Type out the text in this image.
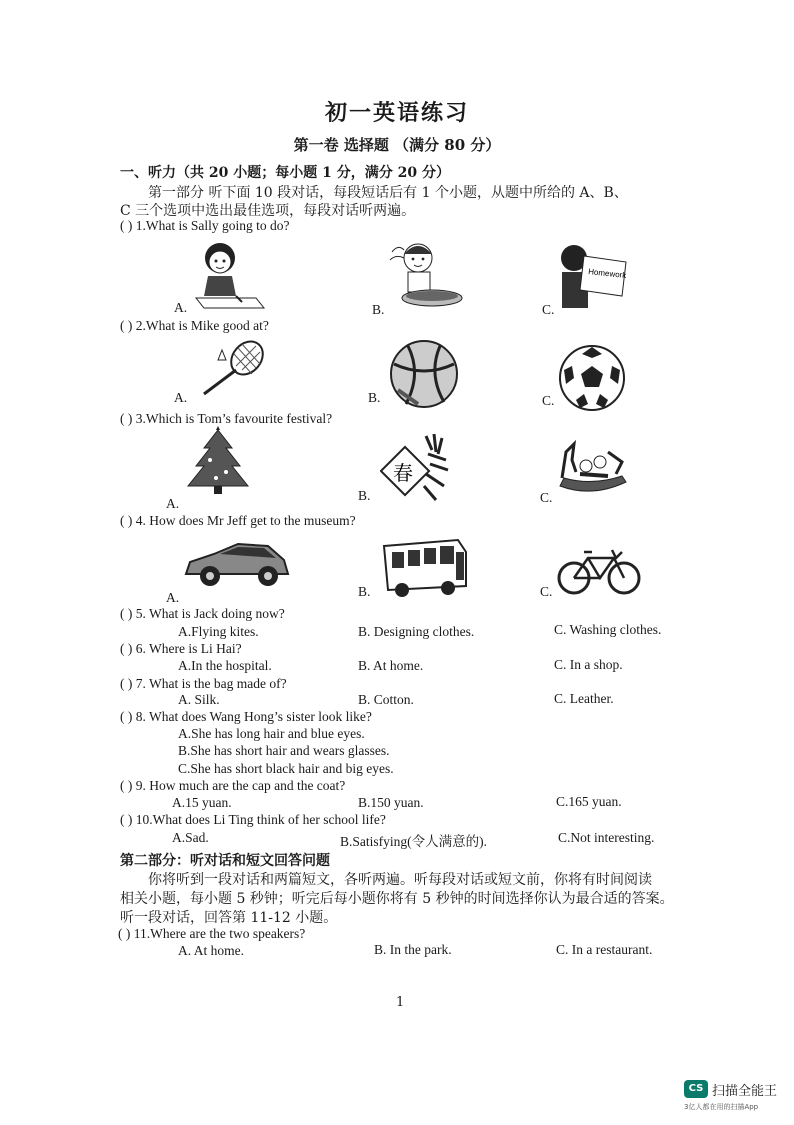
初一英语练习
第一卷 选择题 （满分 80 分）
一、听力（共 20 小题；每小题 1 分，满分 20 分）
第一部分 听下面 10 段对话，每段短话后有 1 个小题，从题中所给的 A、B、
C 三个选项中选出最佳选项，每段对话听两遍。
( ) 1.What is Sally going to do?
A.	B.	C.
Homework
( ) 2.What is Mike good at?
A.	B.	C.
( ) 3.Which is Tom’s favourite festival?
A.
B.	C.
春
( ) 4. How does Mr Jeff get to the museum?
A.	B.	C.
( ) 5. What is Jack doing now?
A.Flying kites.	B. Designing clothes.	C. Washing clothes.
( ) 6. Where is Li Hai?
A.In the hospital.	B. At home.	C. In a shop.
( ) 7. What is the bag made of?
A. Silk.	B. Cotton.	C. Leather.
( ) 8. What does Wang Hong’s sister look like?
A.She has long hair and blue eyes.
B.She has short hair and wears glasses.
C.She has short black hair and big eyes.
( ) 9. How much are the cap and the coat?
A.15 yuan.	B.150 yuan.	C.165 yuan.
( ) 10.What does Li Ting think of her school life?
A.Sad.	B.Satisfying(令人满意的).	C.Not interesting.
第二部分：听对话和短文回答问题
你将听到一段对话和两篇短文，各听两遍。听每段对话或短文前，你将有时间阅读
相关小题，每小题 5 秒钟；听完后每小题你将有 5 秒钟的时间选择你认为最合适的答案。
听一段对话，回答第 11-12 小题。
( ) 11.Where are the two speakers?
A. At home.	B. In the park.	C. In a restaurant.
1
CS 扫描全能王
3亿人都在用的扫描App
